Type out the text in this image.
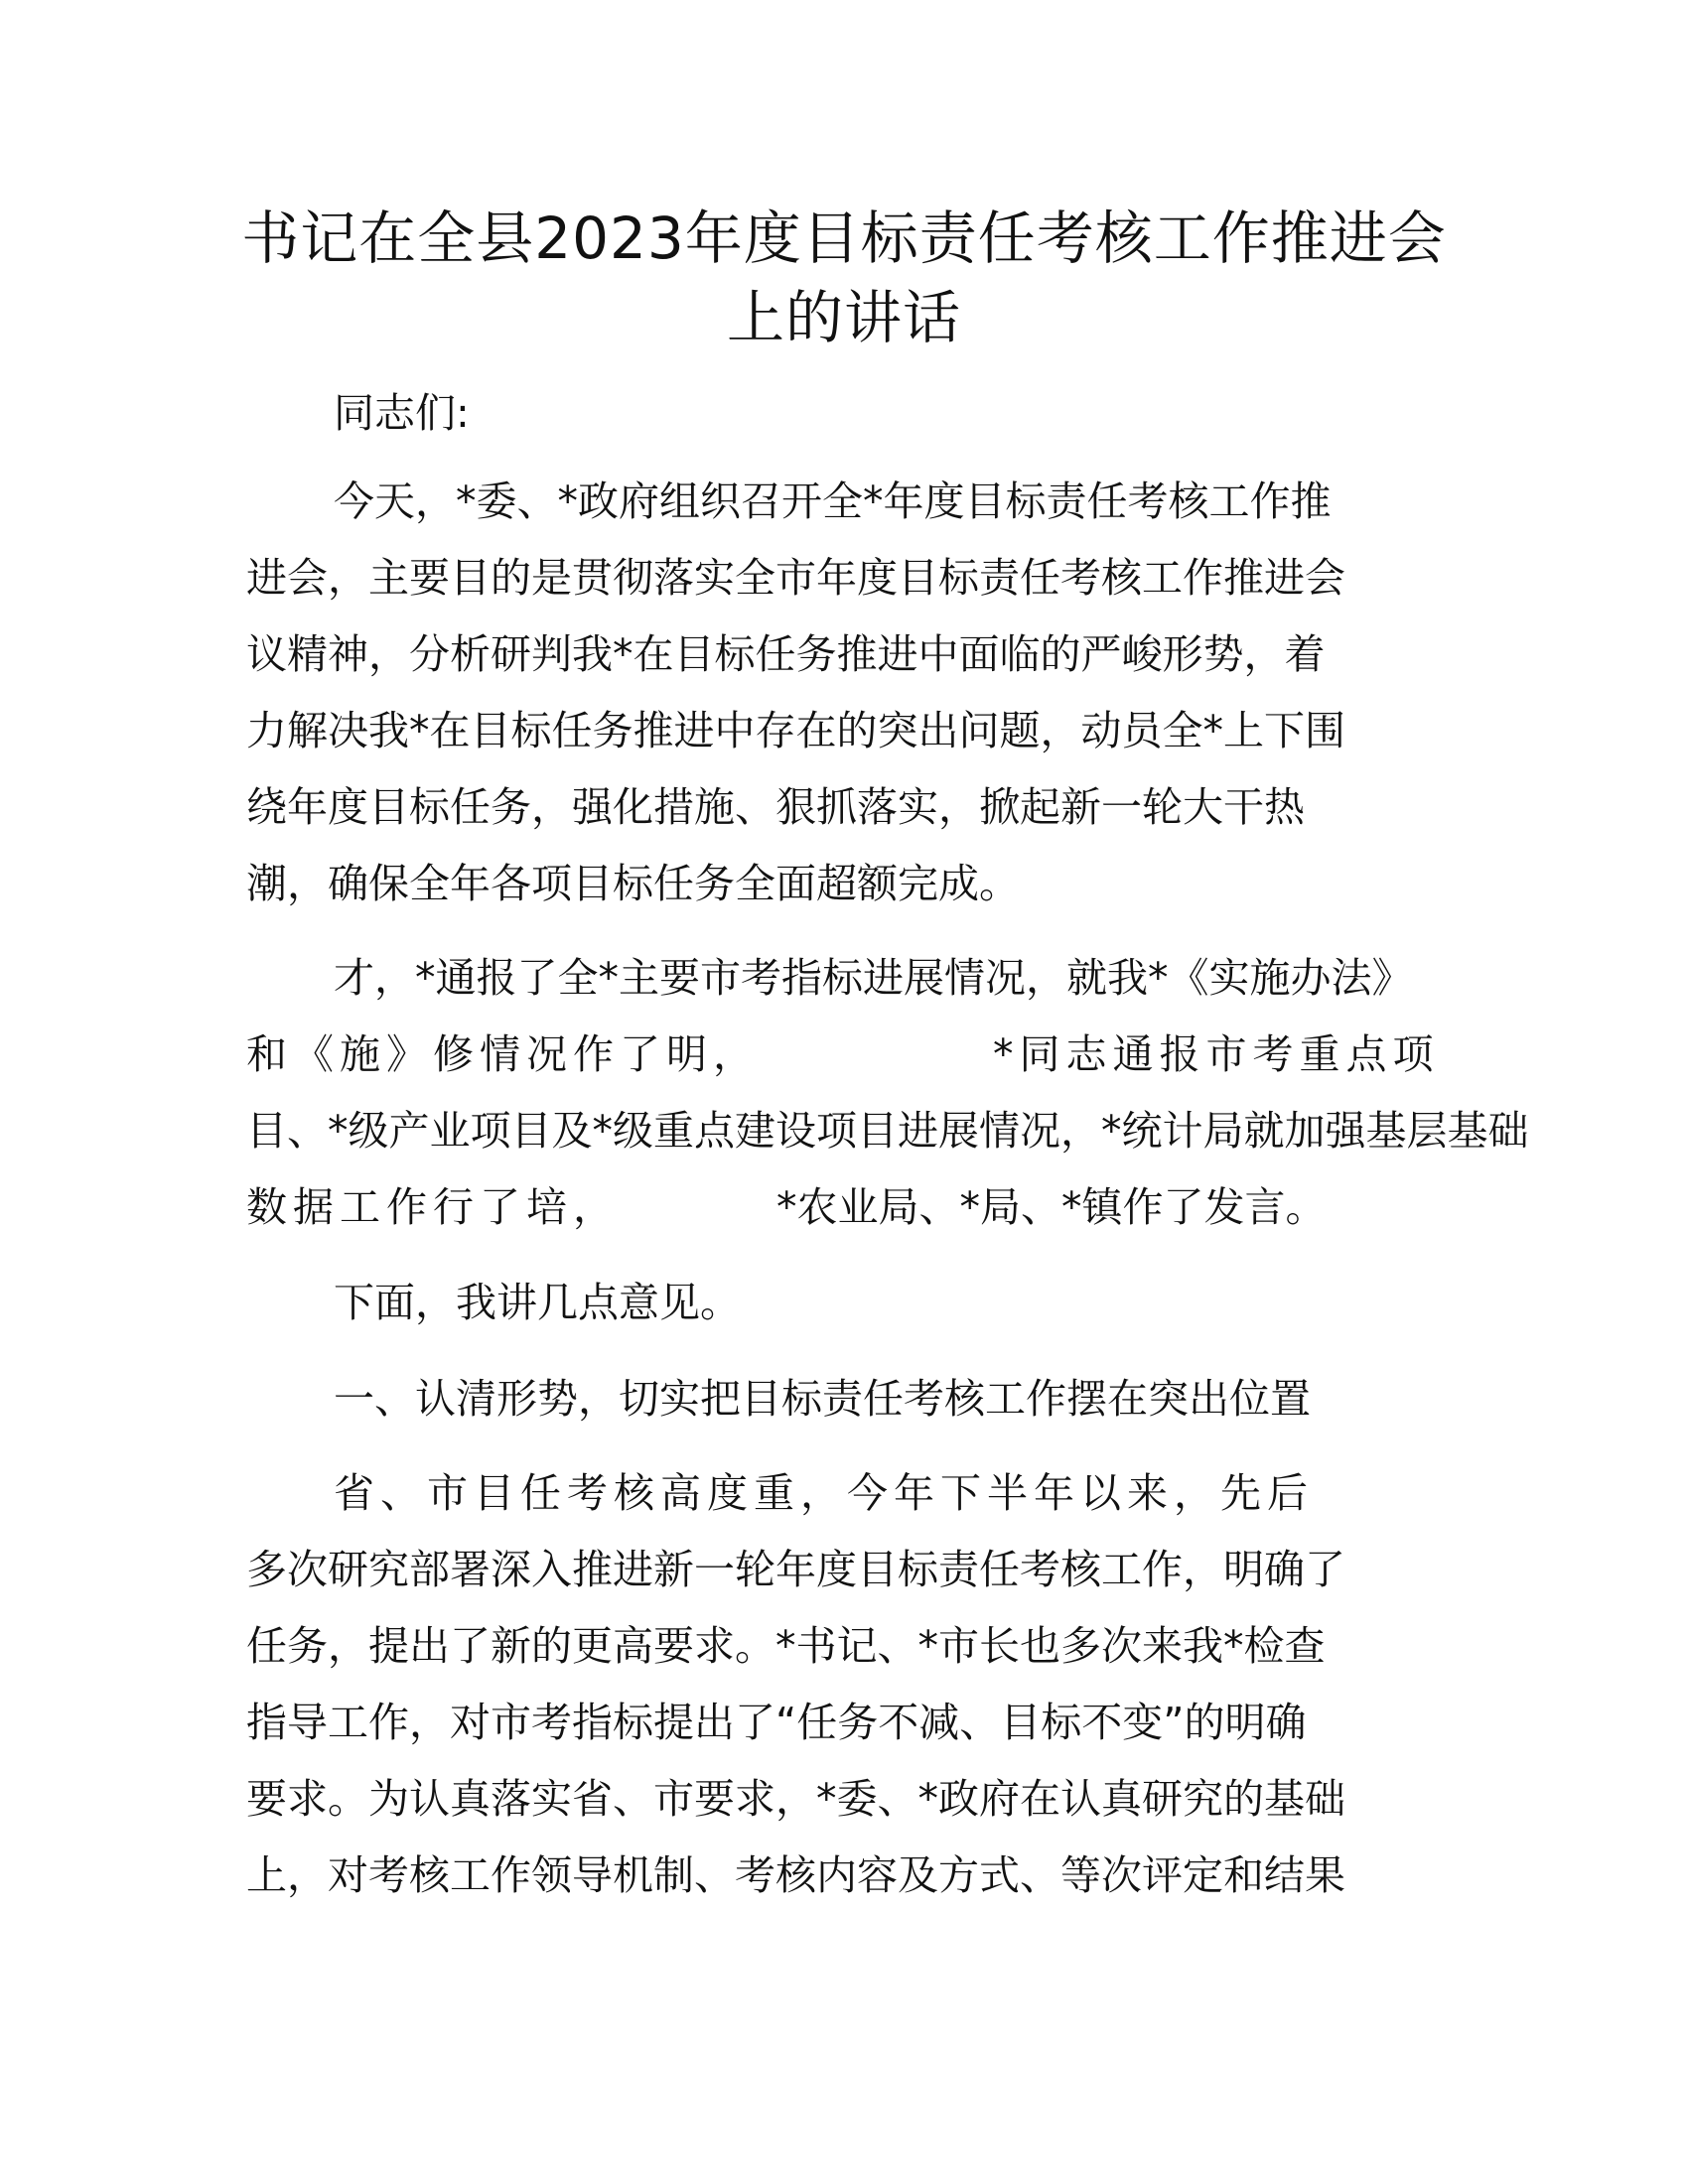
书记在全县2023年度目标责任考核工作推进会
上的讲话
同志们:
今天，*委、*政府组织召开全*年度目标责任考核工作推
进会，主要目的是贯彻落实全市年度目标责任考核工作推进会
议精神，分析研判我*在目标任务推进中面临的严峻形势，着
力解决我*在目标任务推进中存在的突出问题，动员全*上下围
绕年度目标任务，强化措施、狠抓落实，掀起新一轮大干热
潮，确保全年各项目标任务全面超额完成。
才，*通报了全*主要市考指标进展情况，就我*《实施办法》
和《施》修情况作了明，	*同志通报市考重点项
目、*级产业项目及*级重点建设项目进展情况，*统计局就加强基层基础
数据工作行了培，	*农业局、*局、*镇作了发言。
下面，我讲几点意见。
一、认清形势，切实把目标责任考核工作摆在突出位置
省、市目任考核高度重，今年下半年以来，先后
多次研究部署深入推进新一轮年度目标责任考核工作，明确了
任务，提出了新的更高要求。*书记、*市长也多次来我*检查
指导工作，对市考指标提出了“任务不减、目标不变”的明确
要求。为认真落实省、市要求，*委、*政府在认真研究的基础
上，对考核工作领导机制、考核内容及方式、等次评定和结果
